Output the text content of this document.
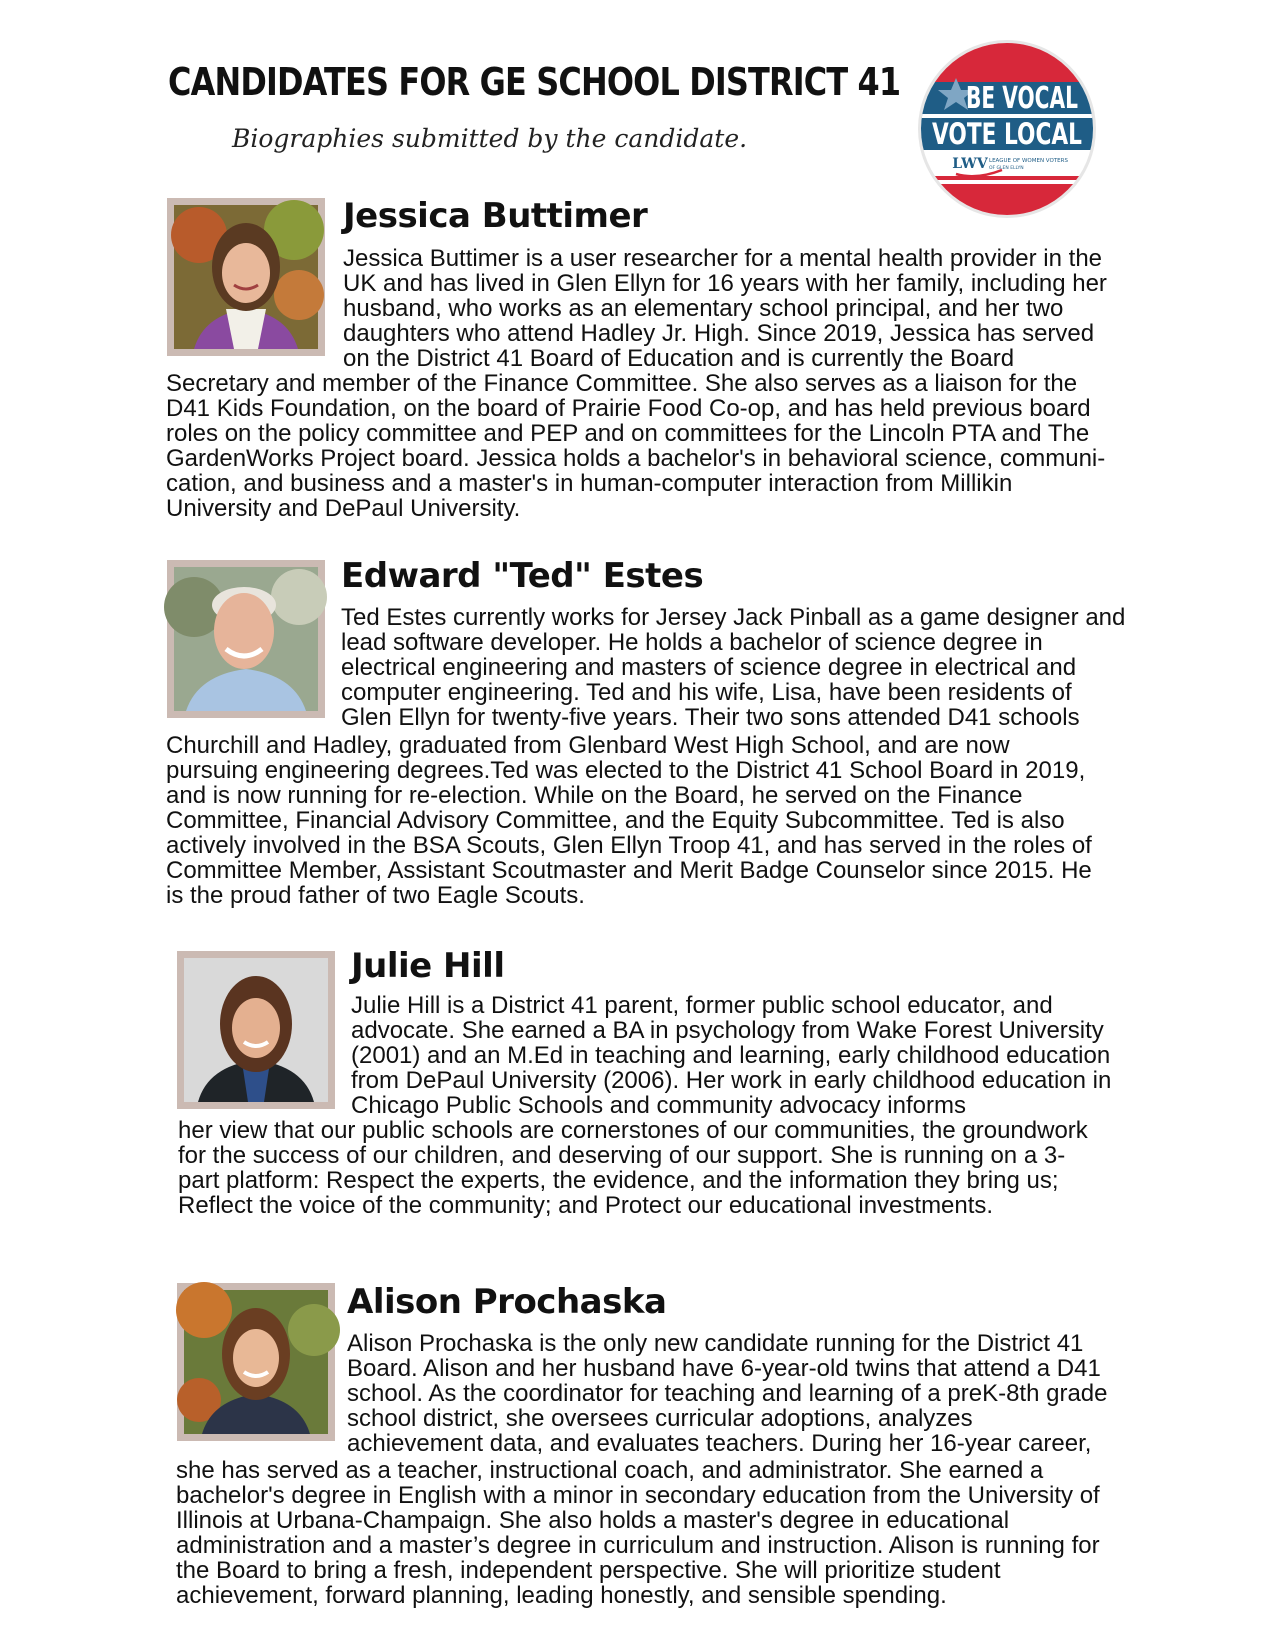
CANDIDATES FOR GE SCHOOL DISTRICT 41

Biographies submitted by the candidate.

BE VOCAL
VOTE LOCAL
LWV LEAGUE OF WOMEN VOTERS
OF GLEN ELLYN
Jessica Buttimer

Jessica Buttimer is a user researcher for a mental health provider in the

UK and has lived in Glen Ellyn for 16 years with her family, including her

husband, who works as an elementary school principal, and her two

daughters who attend Hadley Jr. High. Since 2019, Jessica has served

on the District 41 Board of Education and is currently the Board

Secretary and member of the Finance Committee. She also serves as a liaison for the

D41 Kids Foundation, on the board of Prairie Food Co-op, and has held previous board

roles on the policy committee and PEP and on committees for the Lincoln PTA and The

GardenWorks Project board. Jessica holds a bachelor's in behavioral science, communi-

cation, and business and a master's in human-computer interaction from Millikin

University and DePaul University.

Edward "Ted" Estes

Ted Estes currently works for Jersey Jack Pinball as a game designer and

lead software developer. He holds a bachelor of science degree in

electrical engineering and masters of science degree in electrical and

computer engineering. Ted and his wife, Lisa, have been residents of

Glen Ellyn for twenty-five years. Their two sons attended D41 schools

Churchill and Hadley, graduated from Glenbard West High School, and are now

pursuing engineering degrees.Ted was elected to the District 41 School Board in 2019,

and is now running for re-election. While on the Board, he served on the Finance

Committee, Financial Advisory Committee, and the Equity Subcommittee. Ted is also

actively involved in the BSA Scouts, Glen Ellyn Troop 41, and has served in the roles of

Committee Member, Assistant Scoutmaster and Merit Badge Counselor since 2015. He

is the proud father of two Eagle Scouts.

Julie Hill

Julie Hill is a District 41 parent, former public school educator, and

advocate. She earned a BA in psychology from Wake Forest University

(2001) and an M.Ed in teaching and learning, early childhood education

from DePaul University (2006). Her work in early childhood education in

Chicago Public Schools and community advocacy informs

her view that our public schools are cornerstones of our communities, the groundwork

for the success of our children, and deserving of our support. She is running on a 3-

part platform: Respect the experts, the evidence, and the information they bring us;

Reflect the voice of the community; and Protect our educational investments.

Alison Prochaska

Alison Prochaska is the only new candidate running for the District 41

Board. Alison and her husband have 6-year-old twins that attend a D41

school. As the coordinator for teaching and learning of a preK-8th grade

school district, she oversees curricular adoptions, analyzes

achievement data, and evaluates teachers. During her 16-year career,

she has served as a teacher, instructional coach, and administrator. She earned a

bachelor's degree in English with a minor in secondary education from the University of

Illinois at Urbana-Champaign. She also holds a master's degree in educational

administration and a master’s degree in curriculum and instruction. Alison is running for

the Board to bring a fresh, independent perspective. She will prioritize student

achievement, forward planning, leading honestly, and sensible spending.
